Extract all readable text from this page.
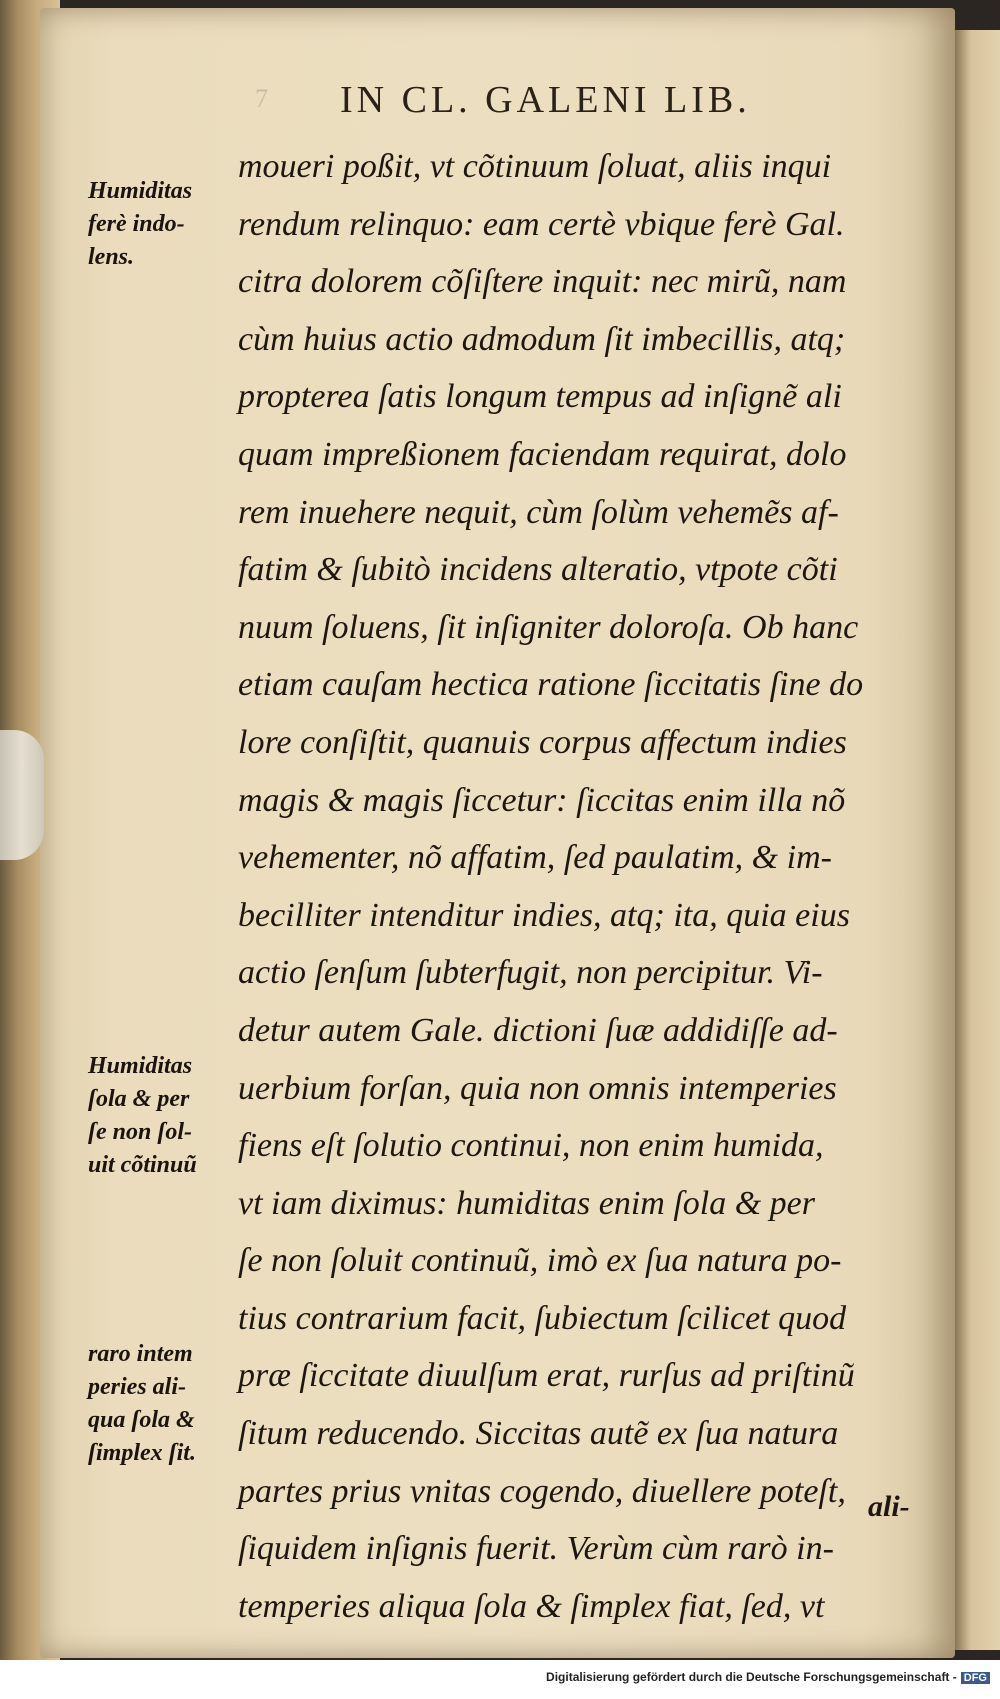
7 IN CL. GALENI LIB.
Humiditas
ferè indo-
lens.
Humiditas
ſola & per
ſe non ſol-
uit cõtinuũ
raro intem
peries ali-
qua ſola &
ſimplex ſit.
moueri poßit, vt cõtinuum ſoluat, aliis inqui
rendum relinquo: eam certè vbique ferè Gal.
citra dolorem cõſiſtere inquit: nec mirũ, nam
cùm huius actio admodum ſit imbecillis, atq;
propterea ſatis longum tempus ad inſignẽ ali
quam impreßionem faciendam requirat, dolo
rem inuehere nequit, cùm ſolùm vehemẽs af-
fatim & ſubitò incidens alteratio, vtpote cõti
nuum ſoluens, ſit inſigniter doloroſa. Ob hanc
etiam cauſam hectica ratione ſiccitatis ſine do
lore conſiſtit, quanuis corpus affectum indies
magis & magis ſiccetur: ſiccitas enim illa nõ
vehementer, nõ affatim, ſed paulatim, & im-
becilliter intenditur indies, atq; ita, quia eius
actio ſenſum ſubterfugit, non percipitur. Vi-
detur autem Gale. dictioni ſuæ addidiſſe ad-
uerbium forſan, quia non omnis intemperies
fiens eſt ſolutio continui, non enim humida,
vt iam diximus: humiditas enim ſola & per
ſe non ſoluit continuũ, imò ex ſua natura po-
tius contrarium facit, ſubiectum ſcilicet quod
præ ſiccitate diuulſum erat, rurſus ad priſtinũ
ſitum reducendo. Siccitas autẽ ex ſua natura
partes prius vnitas cogendo, diuellere poteſt,
ſiquidem inſignis fuerit. Verùm cùm rarò in-
temperies aliqua ſola & ſimplex fiat, ſed, vt
ali-
Digitalisierung gefördert durch die Deutsche Forschungsgemeinschaft - DFG
